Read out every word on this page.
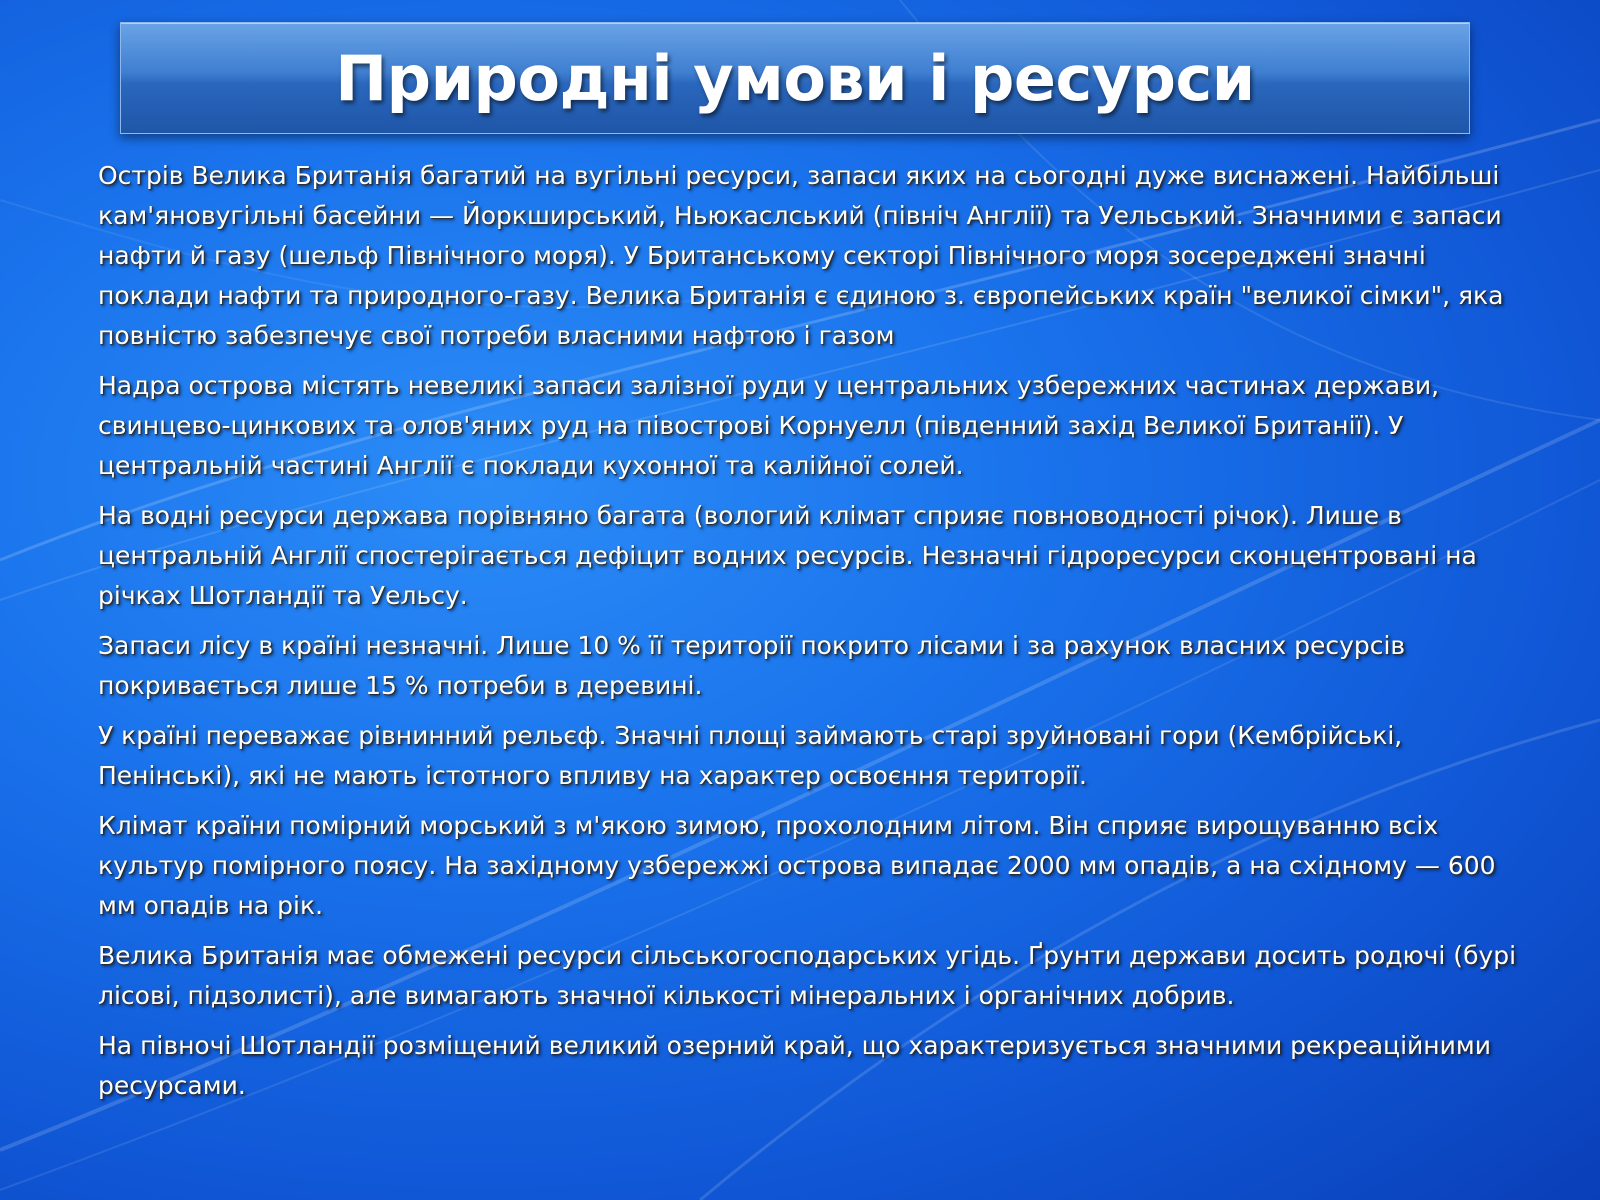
Природні умови і ресурси

Острів Велика Британія багатий на вугільні ресурси, запаси яких на сьогодні дуже виснажені. Найбільші кам'яновугільні басейни — Йоркширський, Ньюкаслський (північ Англії) та Уельський. Значними є запаси нафти й газу (шельф Північного моря). У Британському секторі Північного моря зосереджені значні поклади нафти та природного-газу. Велика Британія є єдиною з. європейських країн "великої сімки", яка повністю забезпечує свої потреби власними нафтою і газом

Надра острова містять невеликі запаси залізної руди у центральних узбережних частинах держави, свинцево-цинкових та олов'яних руд на півострові Корнуелл (південний захід Великої Британії). У центральній частині Англії є поклади кухонної та калійної солей.

На водні ресурси держава порівняно багата (вологий клімат сприяє повноводності річок). Лише в центральній Англії спостерігається дефіцит водних ресурсів. Незначні гідроресурси сконцентровані на річках Шотландії та Уельсу.

Запаси лісу в країні незначні. Лише 10 % її території покрито лісами і за рахунок власних ресурсів покривається лише 15 % потреби в деревині.

У країні переважає рівнинний рельєф. Значні площі займають старі зруйновані гори (Кембрійські, Пенінські), які не мають істотного впливу на характер освоєння території.

Клімат країни помірний морський з м'якою зимою, прохолодним літом. Він сприяє вирощуванню всіх культур помірного поясу. На західному узбережжі острова випадає 2000 мм опадів, а на східному — 600 мм опадів на рік.

Велика Британія має обмежені ресурси сільськогосподарських угідь. Ґрунти держави досить родючі (бурі лісові, підзолисті), але вимагають значної кількості мінеральних і органічних добрив.

На півночі Шотландії розміщений великий озерний край, що характеризується значними рекреаційними ресурсами.
